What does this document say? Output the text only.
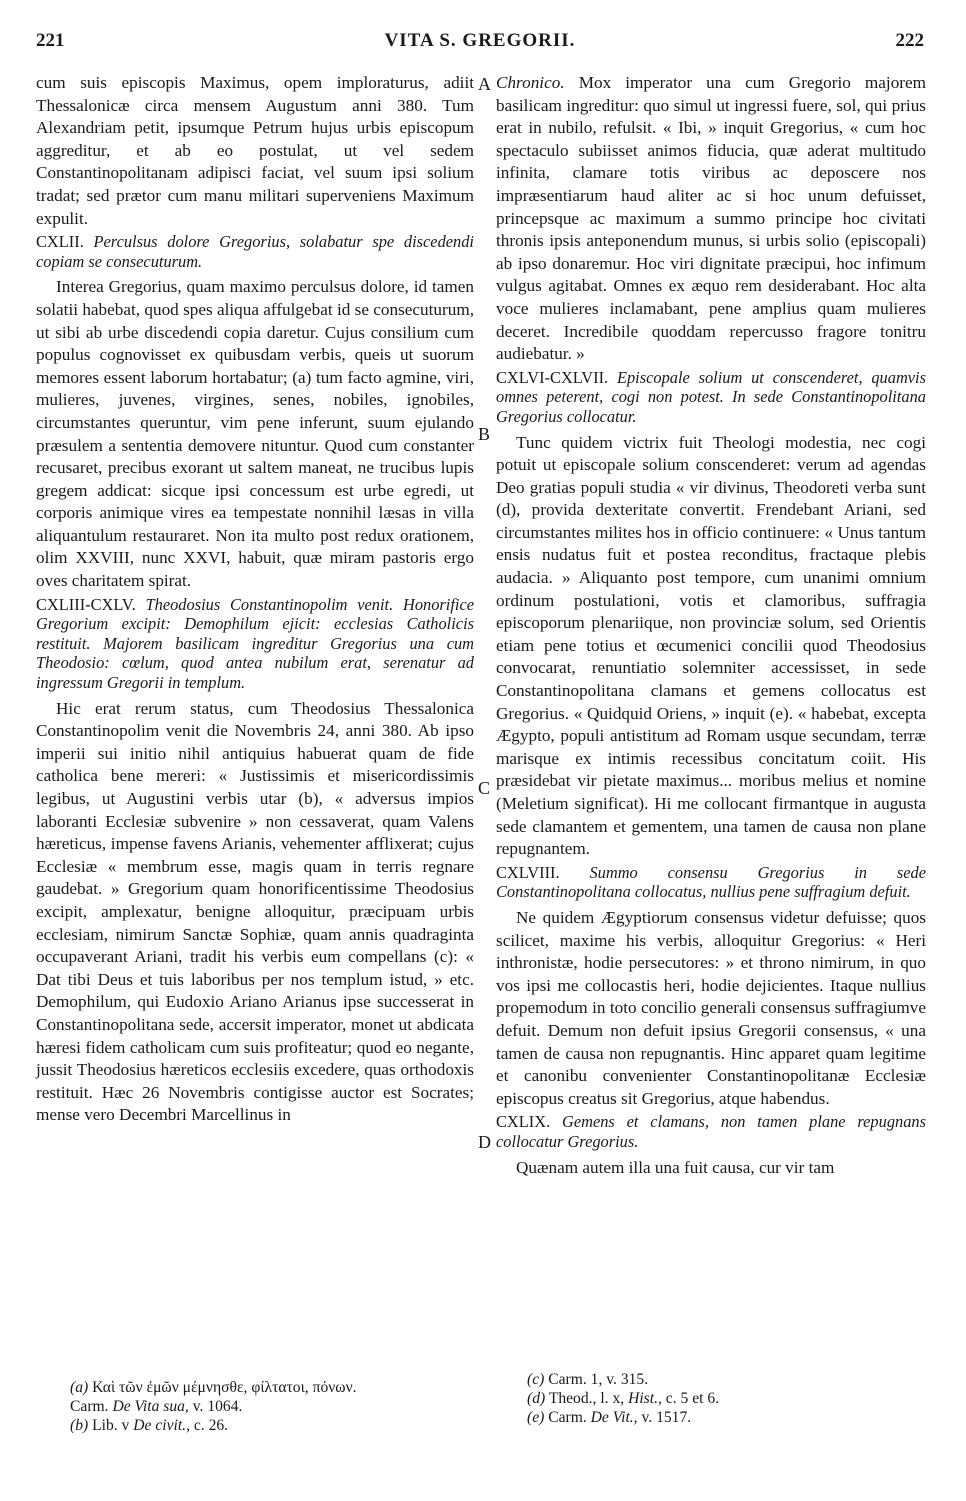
221	VITA S. GREGORII.	222

cum suis episcopis Maximus, opem imploraturus, adiit Thessalonicæ circa mensem Augustum anni 380. Tum Alexandriam petit, ipsumque Petrum hujus urbis episcopum aggreditur, et ab eo postulat, ut vel sedem Constantinopolitanam adipisci faciat, vel suum ipsi solium tradat; sed prætor cum manu militari superveniens Maximum expulit.

CXLII. Perculsus dolore Gregorius, solabatur spe discedendi copiam se consecuturum.

Interea Gregorius, quam maximo perculsus dolore, id tamen solatii habebat, quod spes aliqua affulgebat id se consecuturum, ut sibi ab urbe discedendi copia daretur. Cujus consilium cum populus cognovisset ex quibusdam verbis, queis ut suorum memores essent laborum hortabatur; (a) tum facto agmine, viri, mulieres, juvenes, virgines, senes, nobiles, ignobiles, circumstantes queruntur, vim pene inferunt, suum ejulando præsulem a sententia demovere nituntur. Quod cum constanter recusaret, precibus exorant ut saltem maneat, ne trucibus lupis gregem addicat: sicque ipsi concessum est urbe egredi, ut corporis animique vires ea tempestate nonnihil læsas in villa aliquantulum restauraret. Non ita multo post redux orationem, olim XXVIII, nunc XXVI, habuit, quæ miram pastoris ergo oves charitatem spirat.

CXLIII-CXLV. Theodosius Constantinopolim venit. Honorifice Gregorium excipit: Demophilum ejicit: ecclesias Catholicis restituit. Majorem basilicam ingreditur Gregorius una cum Theodosio: cœlum, quod antea nubilum erat, serenatur ad ingressum Gregorii in templum.

Hic erat rerum status, cum Theodosius Thessalonica Constantinopolim venit die Novembris 24, anni 380. Ab ipso imperii sui initio nihil antiquius habuerat quam de fide catholica bene mereri: « Justissimis et misericordissimis legibus, ut Augustini verbis utar (b), « adversus impios laboranti Ecclesiæ subvenire » non cessaverat, quam Valens hæreticus, impense favens Arianis, vehementer afflixerat; cujus Ecclesiæ « membrum esse, magis quam in terris regnare gaudebat. » Gregorium quam honorificentissime Theodosius excipit, amplexatur, benigne alloquitur, præcipuam urbis ecclesiam, nimirum Sanctæ Sophiæ, quam annis quadraginta occupaverant Ariani, tradit his verbis eum compellans (c): « Dat tibi Deus et tuis laboribus per nos templum istud, » etc. Demophilum, qui Eudoxio Ariano Arianus ipse successerat in Constantinopolitana sede, accersit imperator, monet ut abdicata hæresi fidem catholicam cum suis profiteatur; quod eo negante, jussit Theodosius hæreticos ecclesiis excedere, quas orthodoxis restituit. Hæc 26 Novembris contigisse auctor est Socrates; mense vero Decembri Marcellinus in

A
B
C
D

Chronico. Mox imperator una cum Gregorio majorem basilicam ingreditur: quo simul ut ingressi fuere, sol, qui prius erat in nubilo, refulsit. « Ibi, » inquit Gregorius, « cum hoc spectaculo subiisset animos fiducia, quæ aderat multitudo infinita, clamare totis viribus ac deposcere nos impræsentiarum haud aliter ac si hoc unum defuisset, princepsque ac maximum a summo principe hoc civitati thronis ipsis anteponendum munus, si urbis solio (episcopali) ab ipso donaremur. Hoc viri dignitate præcipui, hoc infimum vulgus agitabat. Omnes ex æquo rem desiderabant. Hoc alta voce mulieres inclamabant, pene amplius quam mulieres deceret. Incredibile quoddam repercusso fragore tonitru audiebatur. »

CXLVI-CXLVII. Episcopale solium ut conscenderet, quamvis omnes peterent, cogi non potest. In sede Constantinopolitana Gregorius collocatur.

Tunc quidem victrix fuit Theologi modestia, nec cogi potuit ut episcopale solium conscenderet: verum ad agendas Deo gratias populi studia « vir divinus, Theodoreti verba sunt (d), provida dexteritate convertit. Frendebant Ariani, sed circumstantes milites hos in officio continuere: « Unus tantum ensis nudatus fuit et postea reconditus, fractaque plebis audacia. » Aliquanto post tempore, cum unanimi omnium ordinum postulationi, votis et clamoribus, suffragia episcoporum plenariique, non provinciæ solum, sed Orientis etiam pene totius et œcumenici concilii quod Theodosius convocarat, renuntiatio solemniter accessisset, in sede Constantinopolitana clamans et gemens collocatus est Gregorius. « Quidquid Oriens, » inquit (e). « habebat, excepta Ægypto, populi antistitum ad Romam usque secundam, terræ marisque ex intimis recessibus concitatum coiit. His præsidebat vir pietate maximus... moribus melius et nomine (Meletium significat). Hi me collocant firmantque in augusta sede clamantem et gementem, una tamen de causa non plane repugnantem.

CXLVIII. Summo consensu Gregorius in sede Constantinopolitana collocatus, nullius pene suffragium defuit.

Ne quidem Ægyptiorum consensus videtur defuisse; quos scilicet, maxime his verbis, alloquitur Gregorius: « Heri inthronistæ, hodie persecutores: » et throno nimirum, in quo vos ipsi me collocastis heri, hodie dejicientes. Itaque nullius propemodum in toto concilio generali consensus suffragiumve defuit. Demum non defuit ipsius Gregorii consensus, « una tamen de causa non repugnantis. Hinc apparet quam legitime et canonibu convenienter Constantinopolitanæ Ecclesiæ episcopus creatus sit Gregorius, atque habendus.

CXLIX. Gemens et clamans, non tamen plane repugnans collocatur Gregorius.

Quænam autem illa una fuit causa, cur vir tam

(a) Καὶ τῶν ἐμῶν μέμνησθε, φίλτατοι, πόνων.

Carm. De Vita sua, v. 1064.

(b) Lib. v De civit., c. 26.

(c) Carm. 1, v. 315.

(d) Theod., l. x, Hist., c. 5 et 6.

(e) Carm. De Vit., v. 1517.
